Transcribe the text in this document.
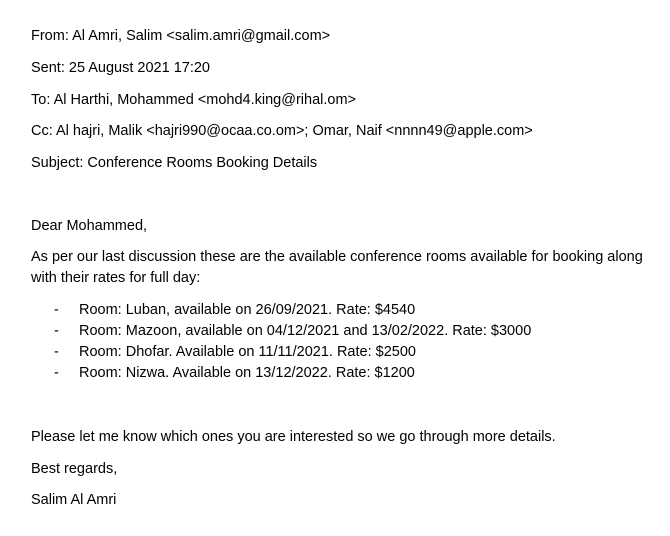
From: Al Amri, Salim <salim.amri@gmail.com>
Sent: 25 August 2021 17:20
To: Al Harthi, Mohammed <mohd4.king@rihal.om>
Cc: Al hajri, Malik <hajri990@ocaa.co.om>; Omar, Naif <nnnn49@apple.com>
Subject: Conference Rooms Booking Details
Dear Mohammed,
As per our last discussion these are the available conference rooms available for booking along with their rates for full day:
- Room: Luban, available on 26/09/2021. Rate: $4540
- Room: Mazoon, available on 04/12/2021 and 13/02/2022. Rate: $3000
- Room: Dhofar. Available on 11/11/2021. Rate: $2500
- Room: Nizwa. Available on 13/12/2022. Rate: $1200
Please let me know which ones you are interested so we go through more details.
Best regards,
Salim Al Amri
